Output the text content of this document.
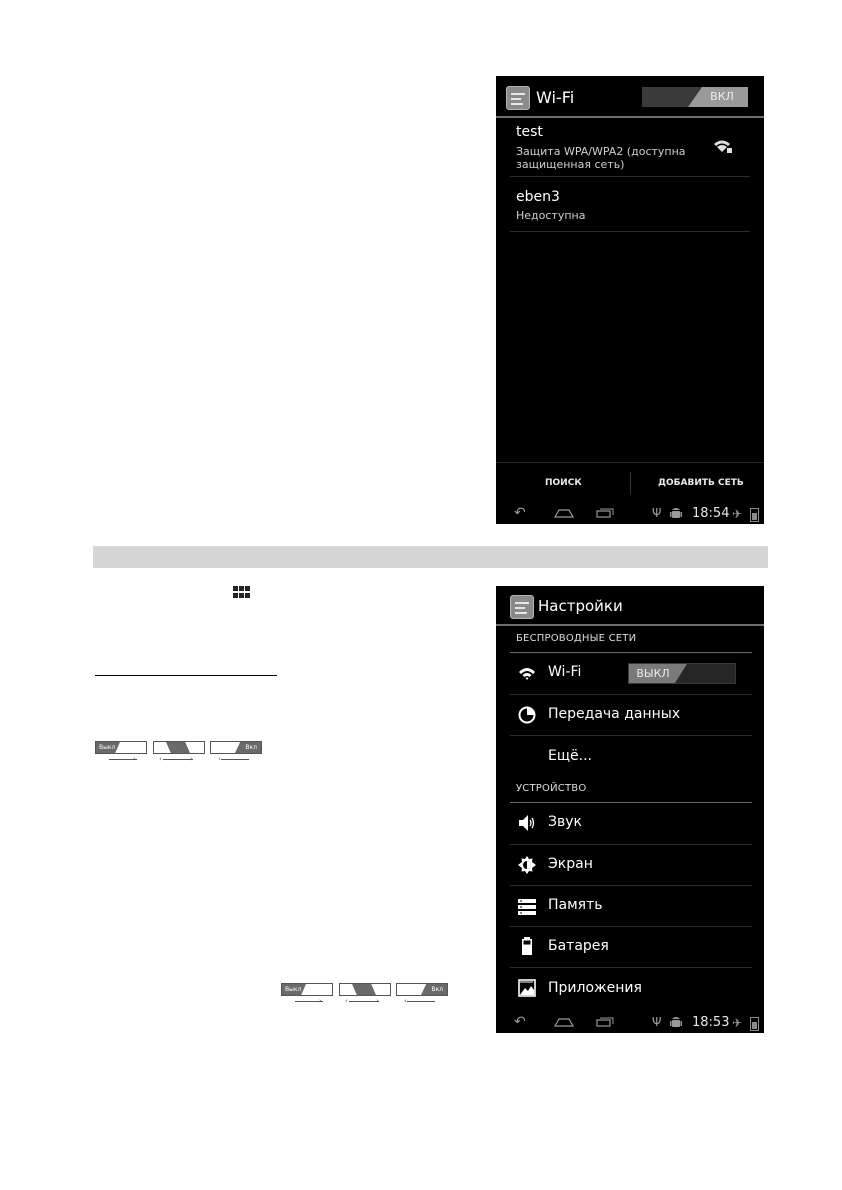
Wi-Fi	ВКЛ
test
Защита WPA/WPA2 (доступна защищенная сеть)
eben3
Недоступна
ПОИСК	ДОБАВИТЬ СЕТЬ
↶	Ψ 18:54 ✈
Выкл	Вкл
›	‹	›	‹
Выкл	Вкл
›	‹	›	‹
Настройки
БЕСПРОВОДНЫЕ СЕТИ
Wi-Fi	ВЫКЛ
Передача данных
Ещё...
УСТРОЙСТВО
Звук
Экран
Память
Батарея
Приложения
↶	Ψ 18:53 ✈
